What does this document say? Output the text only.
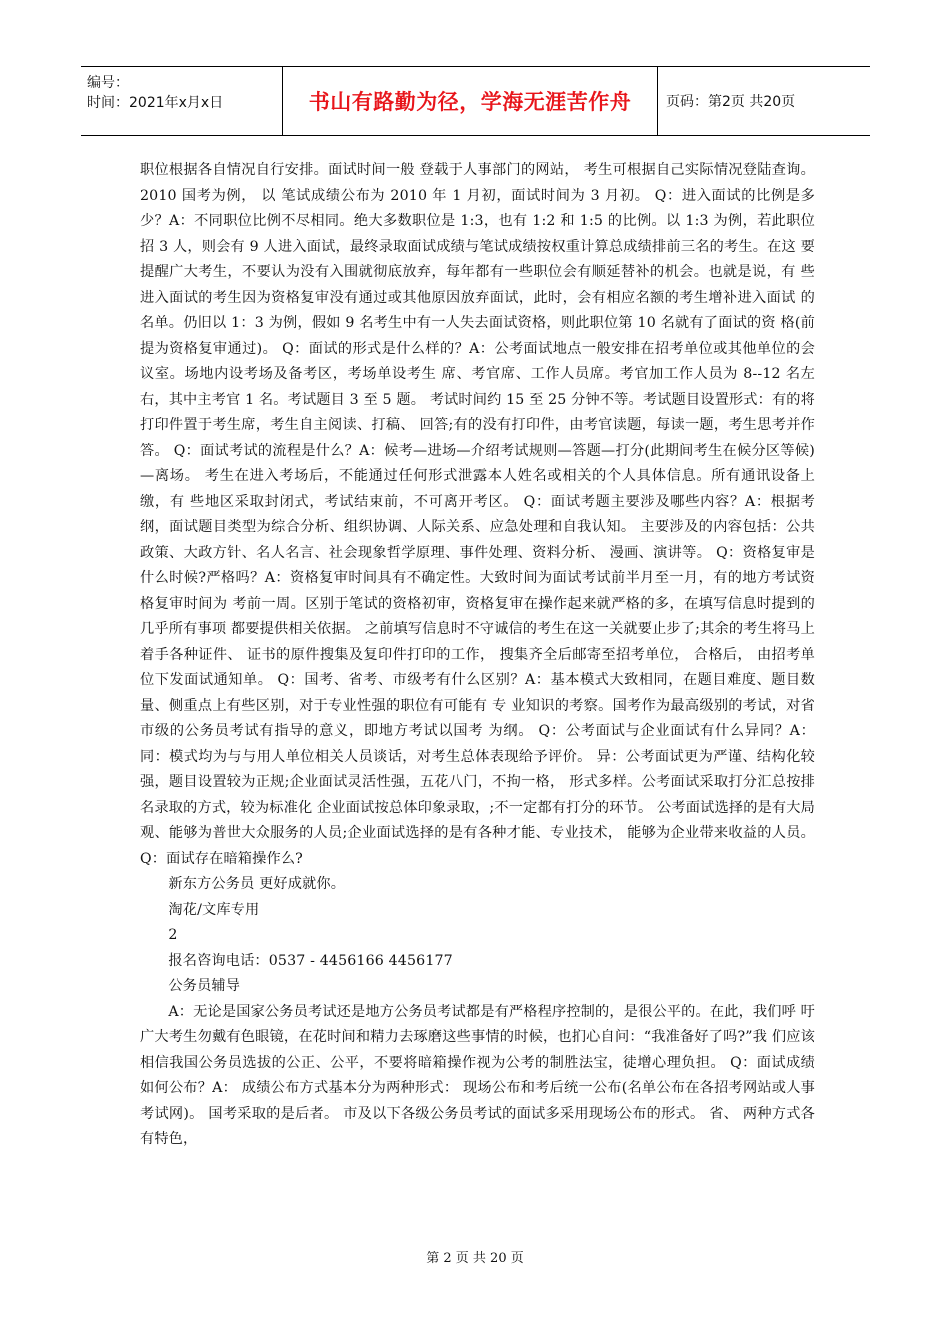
编号：
时间：2021年x月x日	书山有路勤为径，学海无涯苦作舟	页码：第2页 共20页

职位根据各自情况自行安排。面试时间一般 登载于人事部门的网站， 考生可根据自己实际情况登陆查询。 2010 国考为例， 以 笔试成绩公布为 2010 年 1 月初，面试时间为 3 月初。 Q：进入面试的比例是多少？A：不同职位比例不尽相同。绝大多数职位是 1:3，也有 1:2 和 1:5 的比例。以 1:3 为例，若此职位 招 3 人，则会有 9 人进入面试，最终录取面试成绩与笔试成绩按权重计算总成绩排前三名的考生。在这 要提醒广大考生，不要认为没有入围就彻底放弃，每年都有一些职位会有顺延替补的机会。也就是说，有 些进入面试的考生因为资格复审没有通过或其他原因放弃面试，此时，会有相应名额的考生增补进入面试 的名单。仍旧以 1：3 为例，假如 9 名考生中有一人失去面试资格，则此职位第 10 名就有了面试的资 格(前提为资格复审通过)。 Q：面试的形式是什么样的？A：公考面试地点一般安排在招考单位或其他单位的会议室。场地内设考场及备考区，考场单设考生 席、考官席、工作人员席。考官加工作人员为 8--12 名左右，其中主考官 1 名。考试题目 3 至 5 题。 考试时间约 15 至 25 分钟不等。考试题目设置形式：有的将打印件置于考生席，考生自主阅读、打稿、 回答;有的没有打印件，由考官读题，每读一题，考生思考并作答。 Q：面试考试的流程是什么？A：候考—进场—介绍考试规则—答题—打分(此期间考生在候分区等候)—离场。 考生在进入考场后，不能通过任何形式泄露本人姓名或相关的个人具体信息。所有通讯设备上缴，有 些地区采取封闭式，考试结束前，不可离开考区。 Q：面试考题主要涉及哪些内容？A：根据考纲，面试题目类型为综合分析、组织协调、人际关系、应急处理和自我认知。 主要涉及的内容包括：公共政策、大政方针、名人名言、社会现象哲学原理、事件处理、资料分析、 漫画、演讲等。 Q：资格复审是什么时候?严格吗？A：资格复审时间具有不确定性。大致时间为面试考试前半月至一月，有的地方考试资格复审时间为 考前一周。区别于笔试的资格初审，资格复审在操作起来就严格的多，在填写信息时提到的几乎所有事项 都要提供相关依据。 之前填写信息时不守诚信的考生在这一关就要止步了;其余的考生将马上着手各种证件、 证书的原件搜集及复印件打印的工作， 搜集齐全后邮寄至招考单位， 合格后， 由招考单位下发面试通知单。 Q：国考、省考、市级考有什么区别？A：基本模式大致相同，在题目难度、题目数量、侧重点上有些区别，对于专业性强的职位有可能有 专 业知识的考察。国考作为最高级别的考试，对省市级的公务员考试有指导的意义，即地方考试以国考 为纲。 Q：公考面试与企业面试有什么异同？A：同：模式均为与与用人单位相关人员谈话，对考生总体表现给予评价。 异：公考面试更为严谨、结构化较强，题目设置较为正规;企业面试灵活性强，五花八门，不拘一格， 形式多样。公考面试采取打分汇总按排名录取的方式，较为标准化 企业面试按总体印象录取，;不一定都有打分的环节。 公考面试选择的是有大局观、能够为普世大众服务的人员;企业面试选择的是有各种才能、专业技术， 能够为企业带来收益的人员。 Q：面试存在暗箱操作么?

新东方公务员 更好成就你。

淘花/文库专用

2

报名咨询电话：0537 - 4456166 4456177

公务员辅导

A：无论是国家公务员考试还是地方公务员考试都是有严格程序控制的，是很公平的。在此，我们呼 吁广大考生勿戴有色眼镜，在花时间和精力去琢磨这些事情的时候，也扪心自问：“我准备好了吗?”我 们应该相信我国公务员选拔的公正、公平，不要将暗箱操作视为公考的制胜法宝，徒增心理负担。 Q：面试成绩如何公布？A： 成绩公布方式基本分为两种形式： 现场公布和考后统一公布(名单公布在各招考网站或人事考试网)。 国考采取的是后者。 市及以下各级公务员考试的面试多采用现场公布的形式。 省、 两种方式各有特色，

第 2 页 共 20 页
